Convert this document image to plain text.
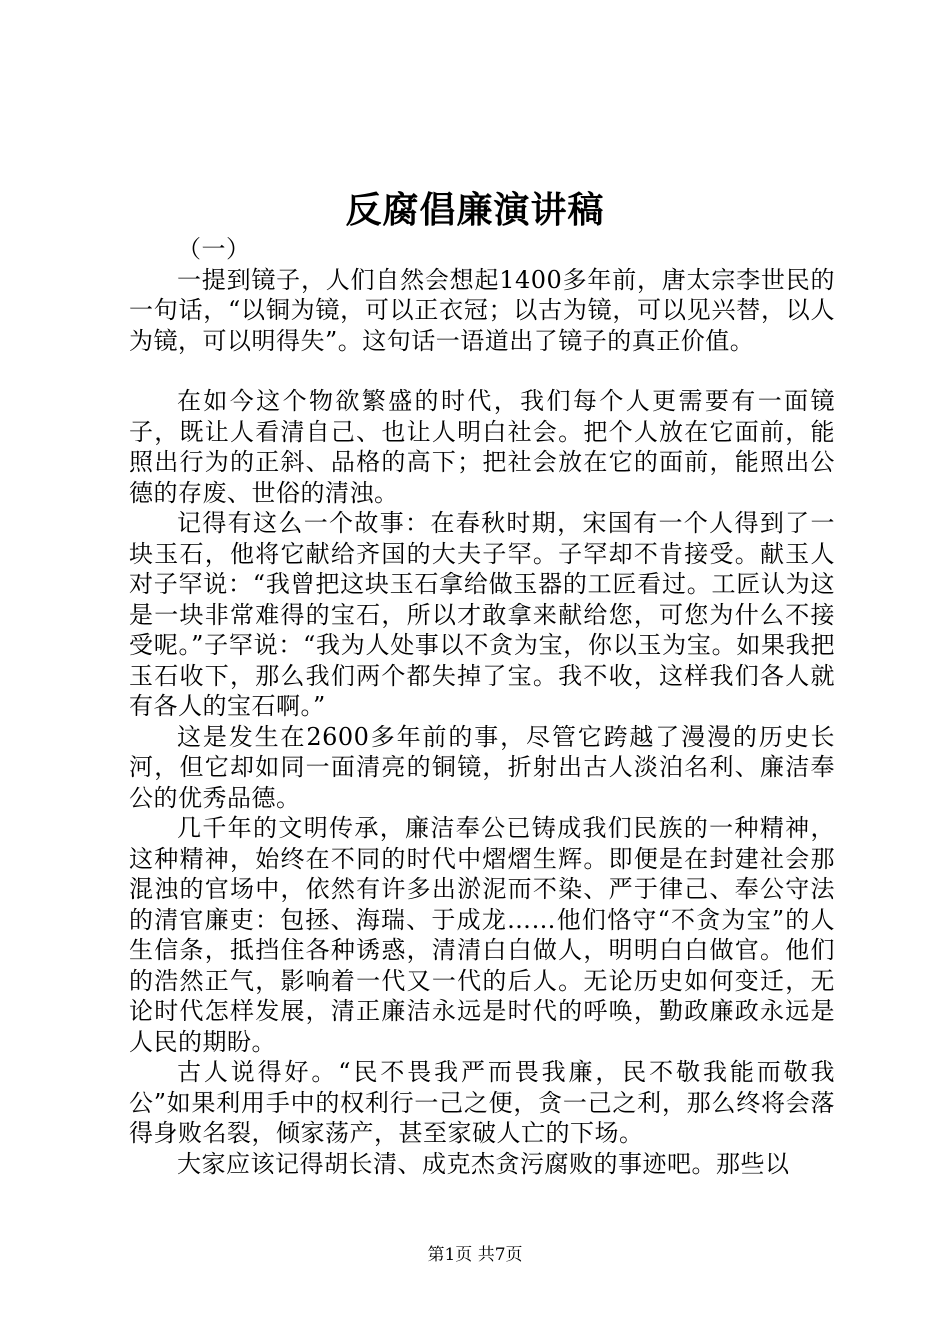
反腐倡廉演讲稿

（一）

一提到镜子，人们自然会想起1400多年前，唐太宗李世民的一句话，“以铜为镜，可以正衣冠；以古为镜，可以见兴替，以人为镜，可以明得失”。这句话一语道出了镜子的真正价值。

在如今这个物欲繁盛的时代，我们每个人更需要有一面镜子，既让人看清自己、也让人明白社会。把个人放在它面前，能照出行为的正斜、品格的高下；把社会放在它的面前，能照出公德的存废、世俗的清浊。

记得有这么一个故事：在春秋时期，宋国有一个人得到了一块玉石，他将它献给齐国的大夫子罕。子罕却不肯接受。献玉人对子罕说：“我曾把这块玉石拿给做玉器的工匠看过。工匠认为这是一块非常难得的宝石，所以才敢拿来献给您，可您为什么不接受呢。”子罕说：“我为人处事以不贪为宝，你以玉为宝。如果我把玉石收下，那么我们两个都失掉了宝。我不收，这样我们各人就有各人的宝石啊。”

这是发生在2600多年前的事，尽管它跨越了漫漫的历史长河，但它却如同一面清亮的铜镜，折射出古人淡泊名利、廉洁奉公的优秀品德。

几千年的文明传承，廉洁奉公已铸成我们民族的一种精神，这种精神，始终在不同的时代中熠熠生辉。即便是在封建社会那混浊的官场中，依然有许多出淤泥而不染、严于律己、奉公守法的清官廉吏：包拯、海瑞、于成龙……他们恪守“不贪为宝”的人生信条，抵挡住各种诱惑，清清白白做人，明明白白做官。他们的浩然正气，影响着一代又一代的后人。无论历史如何变迁，无论时代怎样发展，清正廉洁永远是时代的呼唤，勤政廉政永远是人民的期盼。

古人说得好。“民不畏我严而畏我廉，民不敬我能而敬我公”如果利用手中的权利行一己之便，贪一己之利，那么终将会落得身败名裂，倾家荡产，甚至家破人亡的下场。

大家应该记得胡长清、成克杰贪污腐败的事迹吧。那些以

第1页 共7页
